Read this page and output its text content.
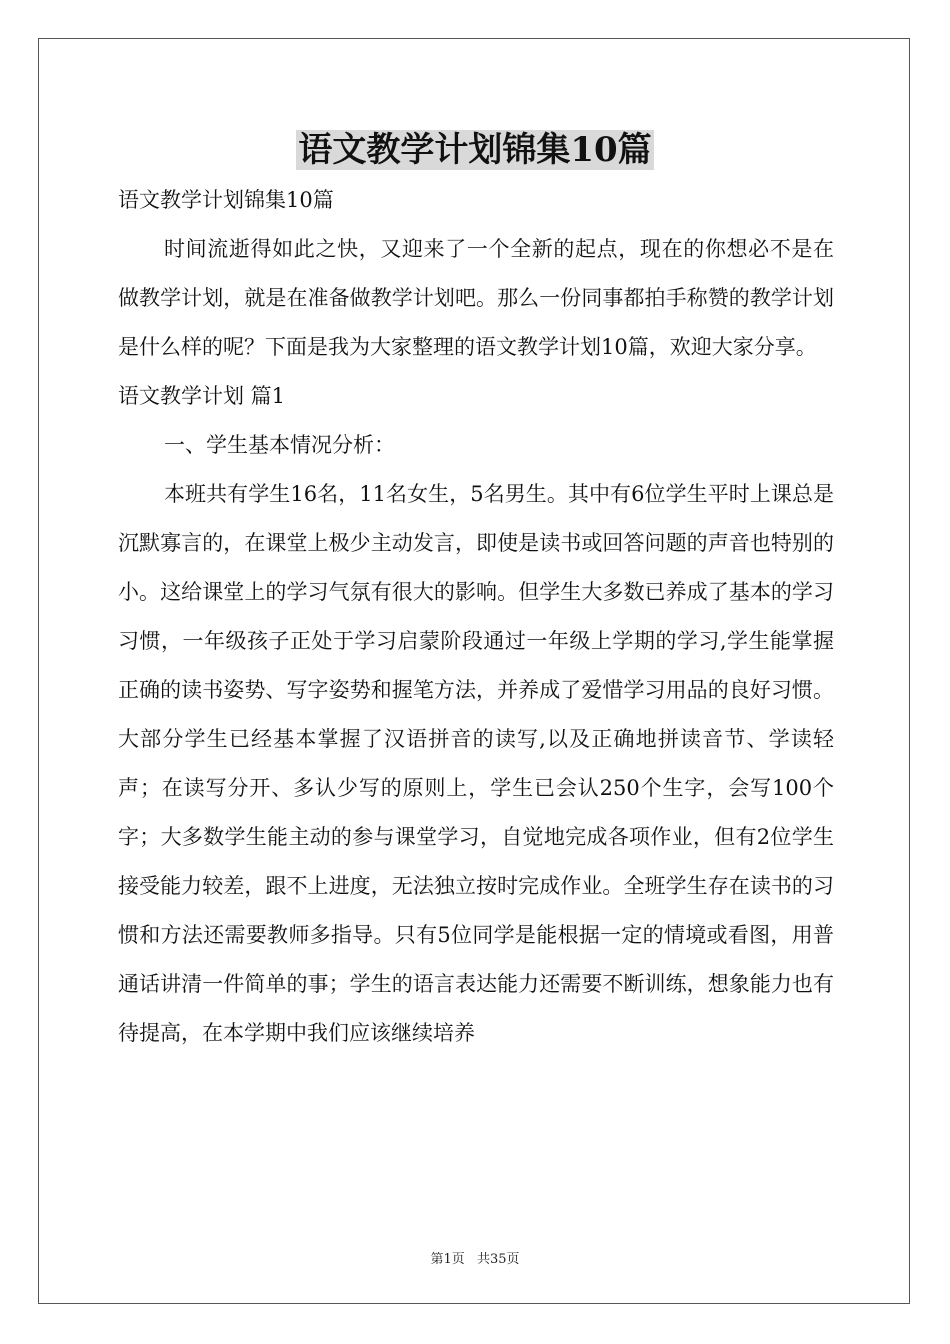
语文教学计划锦集10篇

语文教学计划锦集10篇

时间流逝得如此之快，又迎来了一个全新的起点，现在的你想必不是在做教学计划，就是在准备做教学计划吧。那么一份同事都拍手称赞的教学计划是什么样的呢？下面是我为大家整理的语文教学计划10篇，欢迎大家分享。

语文教学计划 篇1

一、学生基本情况分析：

本班共有学生16名，11名女生，5名男生。其中有6位学生平时上课总是沉默寡言的，在课堂上极少主动发言，即使是读书或回答问题的声音也特别的小。这给课堂上的学习气氛有很大的影响。但学生大多数已养成了基本的学习习惯，一年级孩子正处于学习启蒙阶段通过一年级上学期的学习,学生能掌握正确的读书姿势、写字姿势和握笔方法，并养成了爱惜学习用品的良好习惯。大部分学生已经基本掌握了汉语拼音的读写,以及正确地拼读音节、学读轻声；在读写分开、多认少写的原则上，学生已会认250个生字，会写100个字；大多数学生能主动的参与课堂学习，自觉地完成各项作业，但有2位学生接受能力较差，跟不上进度，无法独立按时完成作业。全班学生存在读书的习惯和方法还需要教师多指导。只有5位同学是能根据一定的情境或看图，用普通话讲清一件简单的事；学生的语言表达能力还需要不断训练，想象能力也有待提高，在本学期中我们应该继续培养

第1页 共35页
